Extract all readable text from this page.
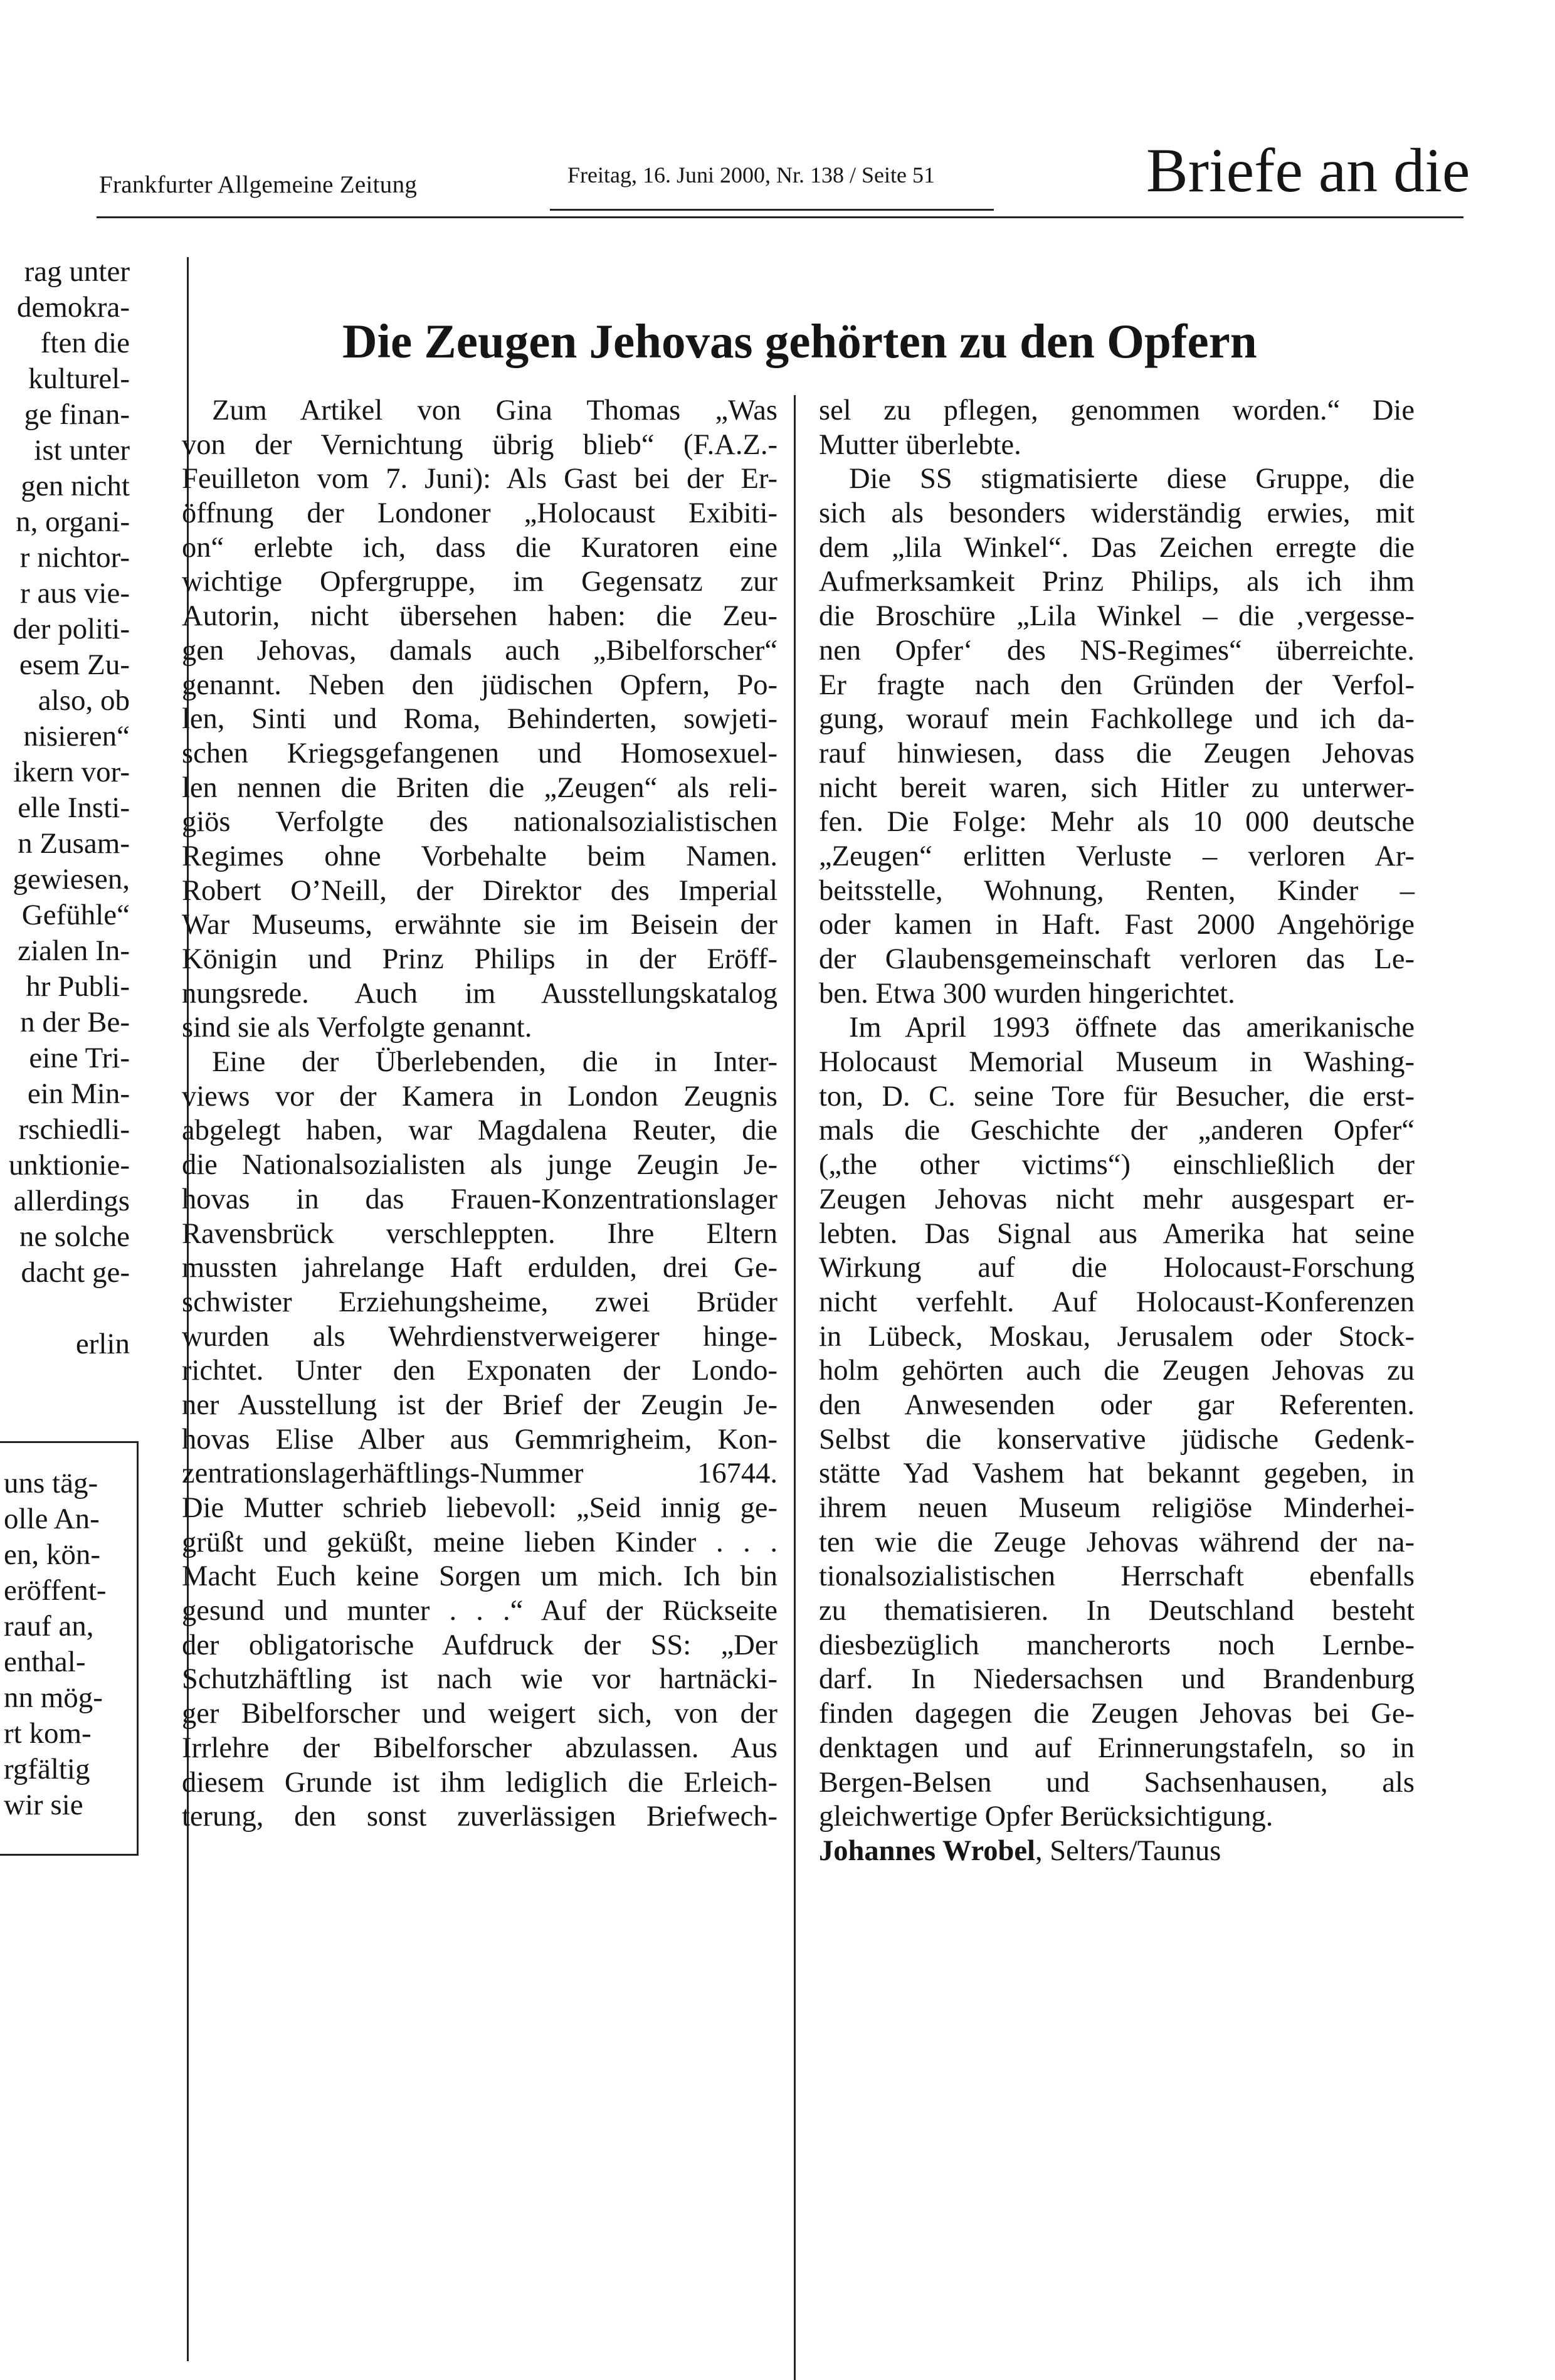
Frankfurter Allgemeine Zeitung	Freitag, 16. Juni 2000, Nr. 138 / Seite 51	Briefe an die
rag unter
demokra-
ften die
kulturel-
ge finan-
ist unter
gen nicht
n, organi-
r nichtor-
r aus vie-
der politi-
esem Zu-
also, ob
nisieren“
ikern vor-
elle Insti-
n Zusam-
gewiesen,
Gefühle“
zialen In-
hr Publi-
n der Be-
eine Tri-
ein Min-
rschiedli-
unktionie-
allerdings
ne solche
dacht ge-
erlin
uns täg-
olle An-
en, kön-
eröffent-
rauf an,
enthal-
nn mög-
rt kom-
rgfältig
wir sie
Die Zeugen Jehovas gehörten zu den Opfern
Zum Artikel von Gina Thomas „Was
von der Vernichtung übrig blieb“ (F.A.Z.-
Feuilleton vom 7. Juni): Als Gast bei der Er-
öffnung der Londoner „Holocaust Exibiti-
on“ erlebte ich, dass die Kuratoren eine
wichtige Opfergruppe, im Gegensatz zur
Autorin, nicht übersehen haben: die Zeu-
gen Jehovas, damals auch „Bibelforscher“
genannt. Neben den jüdischen Opfern, Po-
len, Sinti und Roma, Behinderten, sowjeti-
schen Kriegsgefangenen und Homosexuel-
len nennen die Briten die „Zeugen“ als reli-
giös Verfolgte des nationalsozialistischen
Regimes ohne Vorbehalte beim Namen.
Robert O’Neill, der Direktor des Imperial
War Museums, erwähnte sie im Beisein der
Königin und Prinz Philips in der Eröff-
nungsrede. Auch im Ausstellungskatalog
sind sie als Verfolgte genannt.
Eine der Überlebenden, die in Inter-
views vor der Kamera in London Zeugnis
abgelegt haben, war Magdalena Reuter, die
die Nationalsozialisten als junge Zeugin Je-
hovas in das Frauen-Konzentrationslager
Ravensbrück verschleppten. Ihre Eltern
mussten jahrelange Haft erdulden, drei Ge-
schwister Erziehungsheime, zwei Brüder
wurden als Wehrdienstverweigerer hinge-
richtet. Unter den Exponaten der Londo-
ner Ausstellung ist der Brief der Zeugin Je-
hovas Elise Alber aus Gemmrigheim, Kon-
zentrationslagerhäftlings-Nummer 16744.
Die Mutter schrieb liebevoll: „Seid innig ge-
grüßt und geküßt, meine lieben Kinder . . .
Macht Euch keine Sorgen um mich. Ich bin
gesund und munter . . .“ Auf der Rückseite
der obligatorische Aufdruck der SS: „Der
Schutzhäftling ist nach wie vor hartnäcki-
ger Bibelforscher und weigert sich, von der
Irrlehre der Bibelforscher abzulassen. Aus
diesem Grunde ist ihm lediglich die Erleich-
terung, den sonst zuverlässigen Briefwech-
sel zu pflegen, genommen worden.“ Die
Mutter überlebte.
Die SS stigmatisierte diese Gruppe, die
sich als besonders widerständig erwies, mit
dem „lila Winkel“. Das Zeichen erregte die
Aufmerksamkeit Prinz Philips, als ich ihm
die Broschüre „Lila Winkel – die ‚vergesse-
nen Opfer‘ des NS-Regimes“ überreichte.
Er fragte nach den Gründen der Verfol-
gung, worauf mein Fachkollege und ich da-
rauf hinwiesen, dass die Zeugen Jehovas
nicht bereit waren, sich Hitler zu unterwer-
fen. Die Folge: Mehr als 10 000 deutsche
„Zeugen“ erlitten Verluste – verloren Ar-
beitsstelle, Wohnung, Renten, Kinder –
oder kamen in Haft. Fast 2000 Angehörige
der Glaubensgemeinschaft verloren das Le-
ben. Etwa 300 wurden hingerichtet.
Im April 1993 öffnete das amerikanische
Holocaust Memorial Museum in Washing-
ton, D. C. seine Tore für Besucher, die erst-
mals die Geschichte der „anderen Opfer“
(„the other victims“) einschließlich der
Zeugen Jehovas nicht mehr ausgespart er-
lebten. Das Signal aus Amerika hat seine
Wirkung auf die Holocaust-Forschung
nicht verfehlt. Auf Holocaust-Konferenzen
in Lübeck, Moskau, Jerusalem oder Stock-
holm gehörten auch die Zeugen Jehovas zu
den Anwesenden oder gar Referenten.
Selbst die konservative jüdische Gedenk-
stätte Yad Vashem hat bekannt gegeben, in
ihrem neuen Museum religiöse Minderhei-
ten wie die Zeuge Jehovas während der na-
tionalsozialistischen Herrschaft ebenfalls
zu thematisieren. In Deutschland besteht
diesbezüglich mancherorts noch Lernbe-
darf. In Niedersachsen und Brandenburg
finden dagegen die Zeugen Jehovas bei Ge-
denktagen und auf Erinnerungstafeln, so in
Bergen-Belsen und Sachsenhausen, als
gleichwertige Opfer Berücksichtigung.
Johannes Wrobel, Selters/Taunus
